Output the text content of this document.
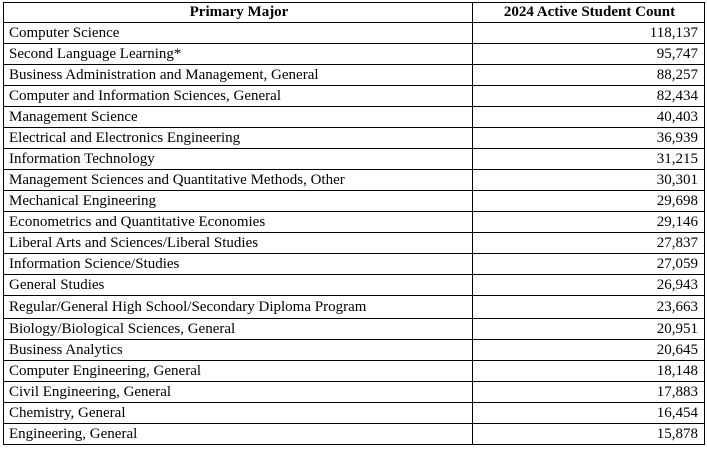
Primary Major	2024 Active Student Count
Computer Science	118,137
Second Language Learning*	95,747
Business Administration and Management, General	88,257
Computer and Information Sciences, General	82,434
Management Science	40,403
Electrical and Electronics Engineering	36,939
Information Technology	31,215
Management Sciences and Quantitative Methods, Other	30,301
Mechanical Engineering	29,698
Econometrics and Quantitative Economies	29,146
Liberal Arts and Sciences/Liberal Studies	27,837
Information Science/Studies	27,059
General Studies	26,943
Regular/General High School/Secondary Diploma Program	23,663
Biology/Biological Sciences, General	20,951
Business Analytics	20,645
Computer Engineering, General	18,148
Civil Engineering, General	17,883
Chemistry, General	16,454
Engineering, General	15,878
